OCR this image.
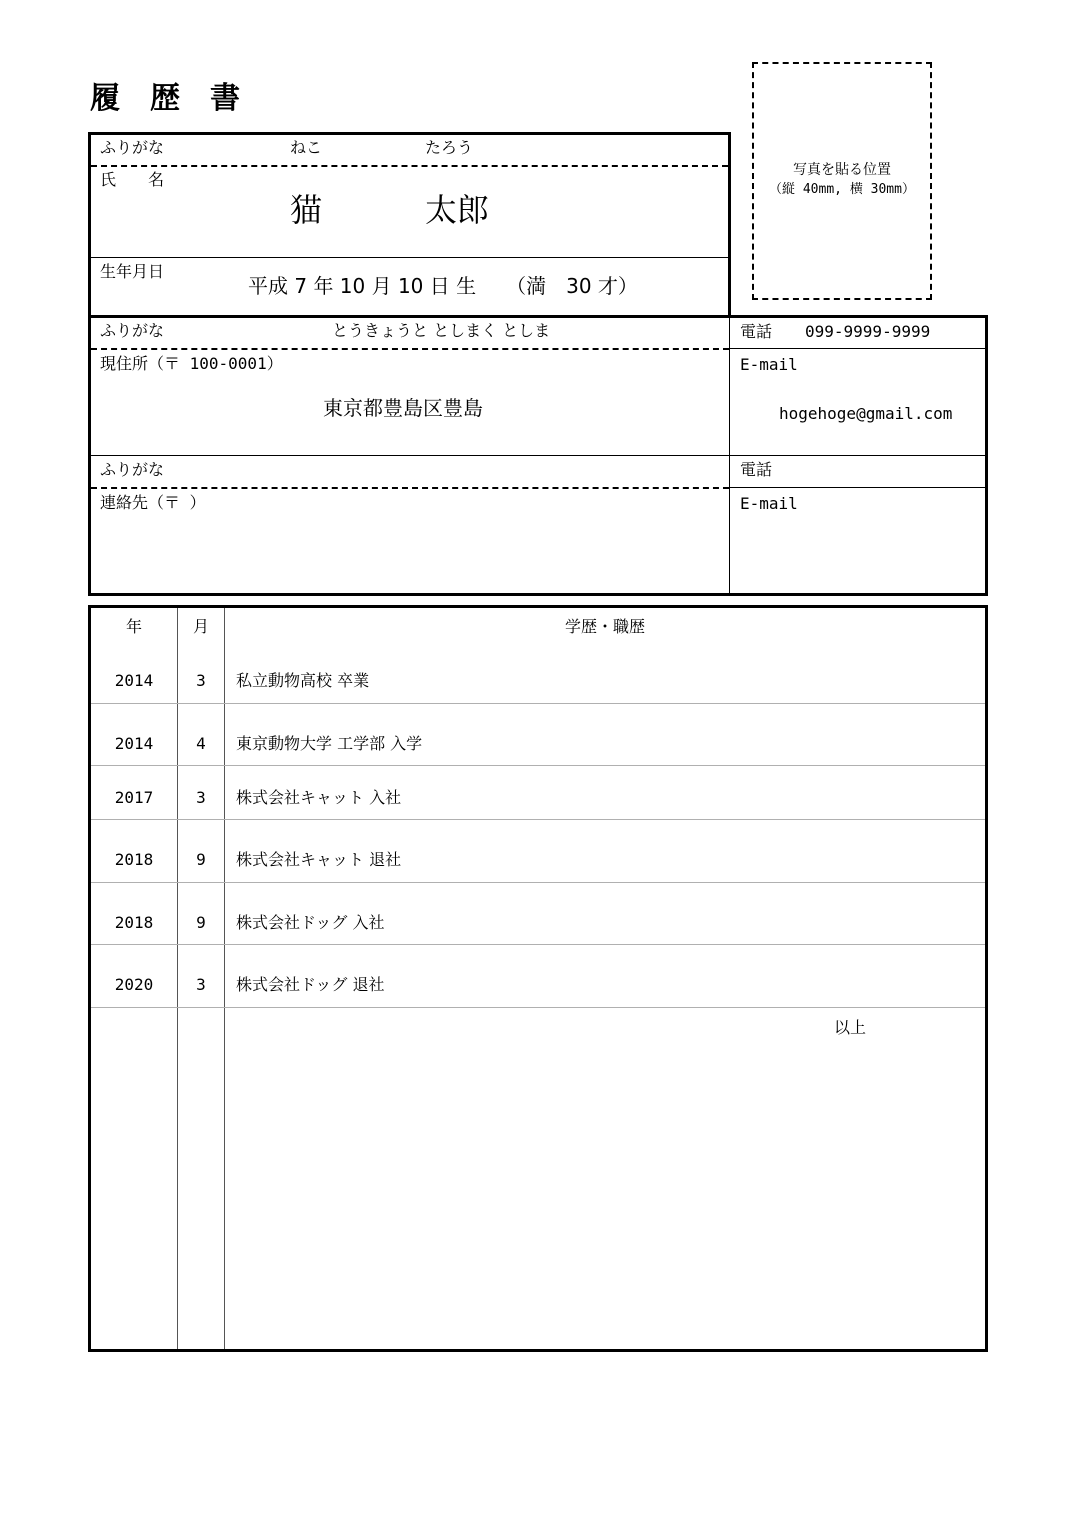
履　歴　書
写真を貼る位置
（縦 40mm, 横 30mm）
ふりがな	ねこ	たろう
氏　　名
猫	太郎
生年月日
平成 7 年 10 月 10 日 生　　（満　30 才）
ふりがな	とうきょうと としまく としま
現住所（〒 100-0001）
東京都豊島区豊島
電話 099-9999-9999
E-mail
hogehoge@gmail.com
ふりがな
連絡先（〒 ）
電話
E-mail
年	月	学歴・職歴
2014	3	私立動物高校 卒業
2014	4	東京動物大学 工学部 入学
2017	3	株式会社キャット 入社
2018	9	株式会社キャット 退社
2018	9	株式会社ドッグ 入社
2020	3	株式会社ドッグ 退社
以上
